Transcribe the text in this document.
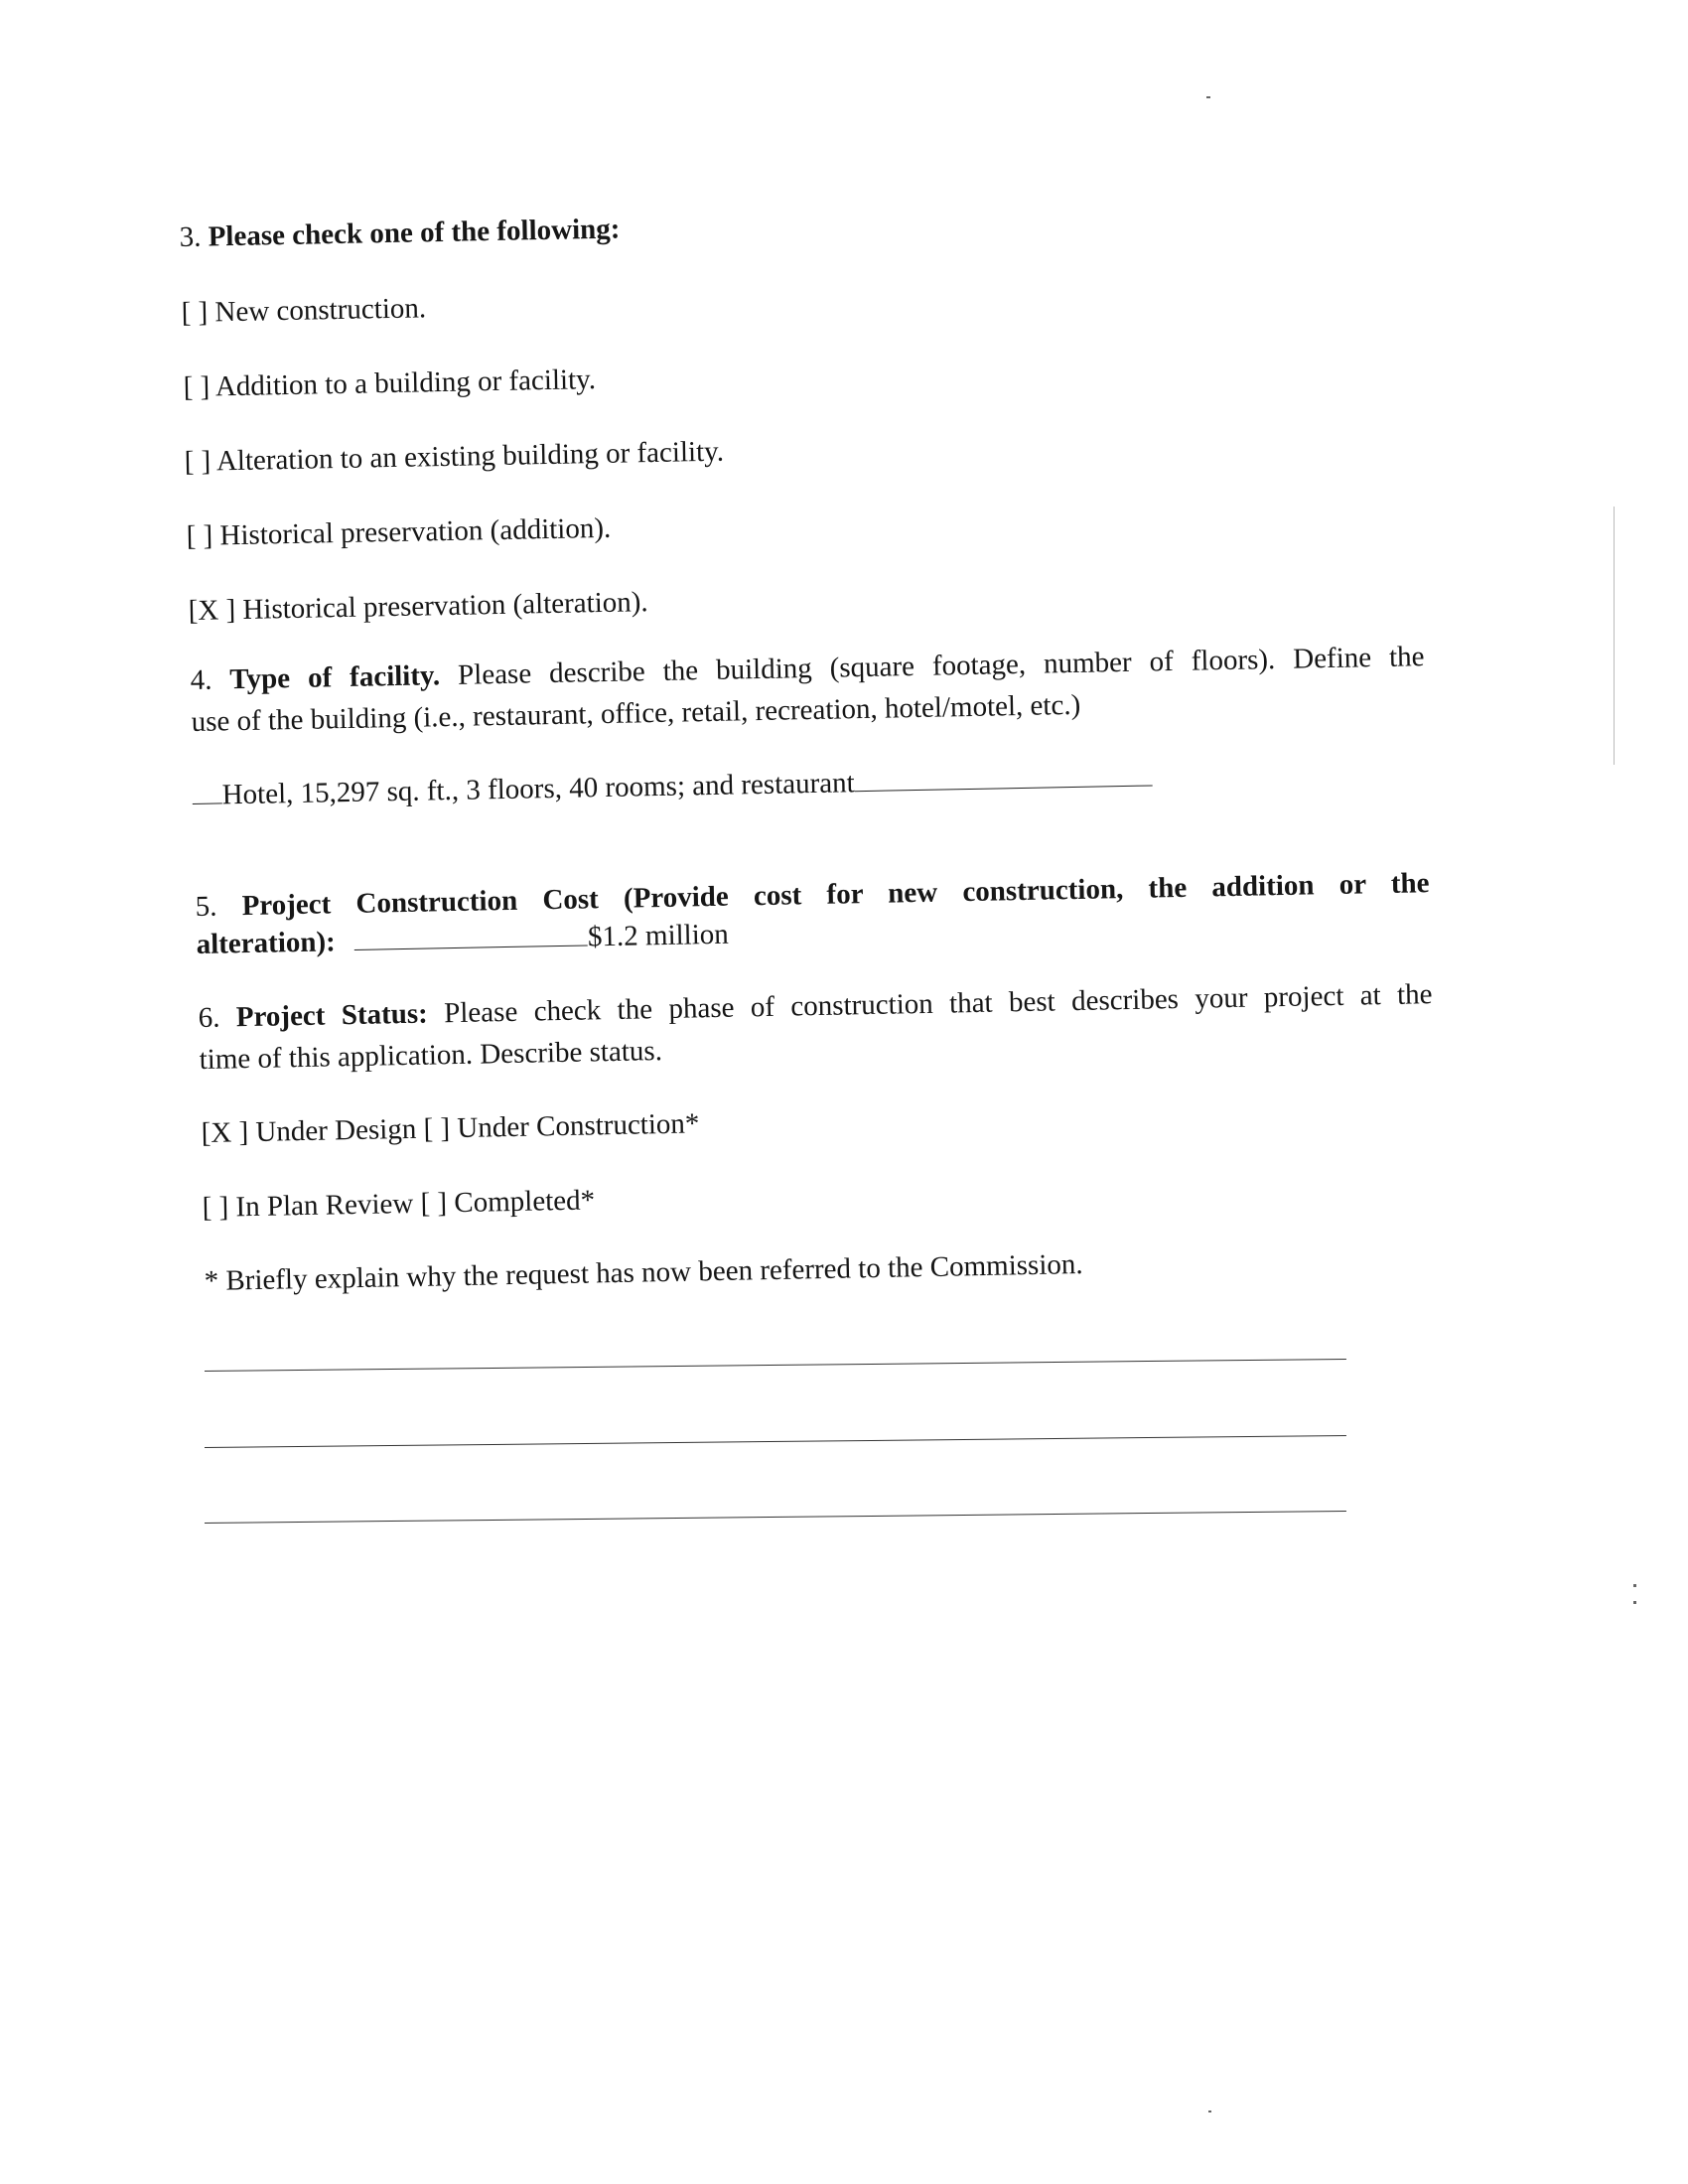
3. Please check one of the following:
[ ] New construction.
[ ] Addition to a building or facility.
[ ] Alteration to an existing building or facility.
[ ] Historical preservation (addition).
[X ] Historical preservation (alteration).
4. Type of facility. Please describe the building (square footage, number of floors). Define the
use of the building (i.e., restaurant, office, retail, recreation, hotel/motel, etc.)
Hotel, 15,297 sq. ft., 3 floors, 40 rooms; and restaurant
5. Project Construction Cost (Provide cost for new construction, the addition or the
alteration):	$1.2 million
6. Project Status: Please check the phase of construction that best describes your project at the
time of this application. Describe status.
[X ] Under Design [ ] Under Construction*
[ ] In Plan Review [ ] Completed*
* Briefly explain why the request has now been referred to the Commission.
